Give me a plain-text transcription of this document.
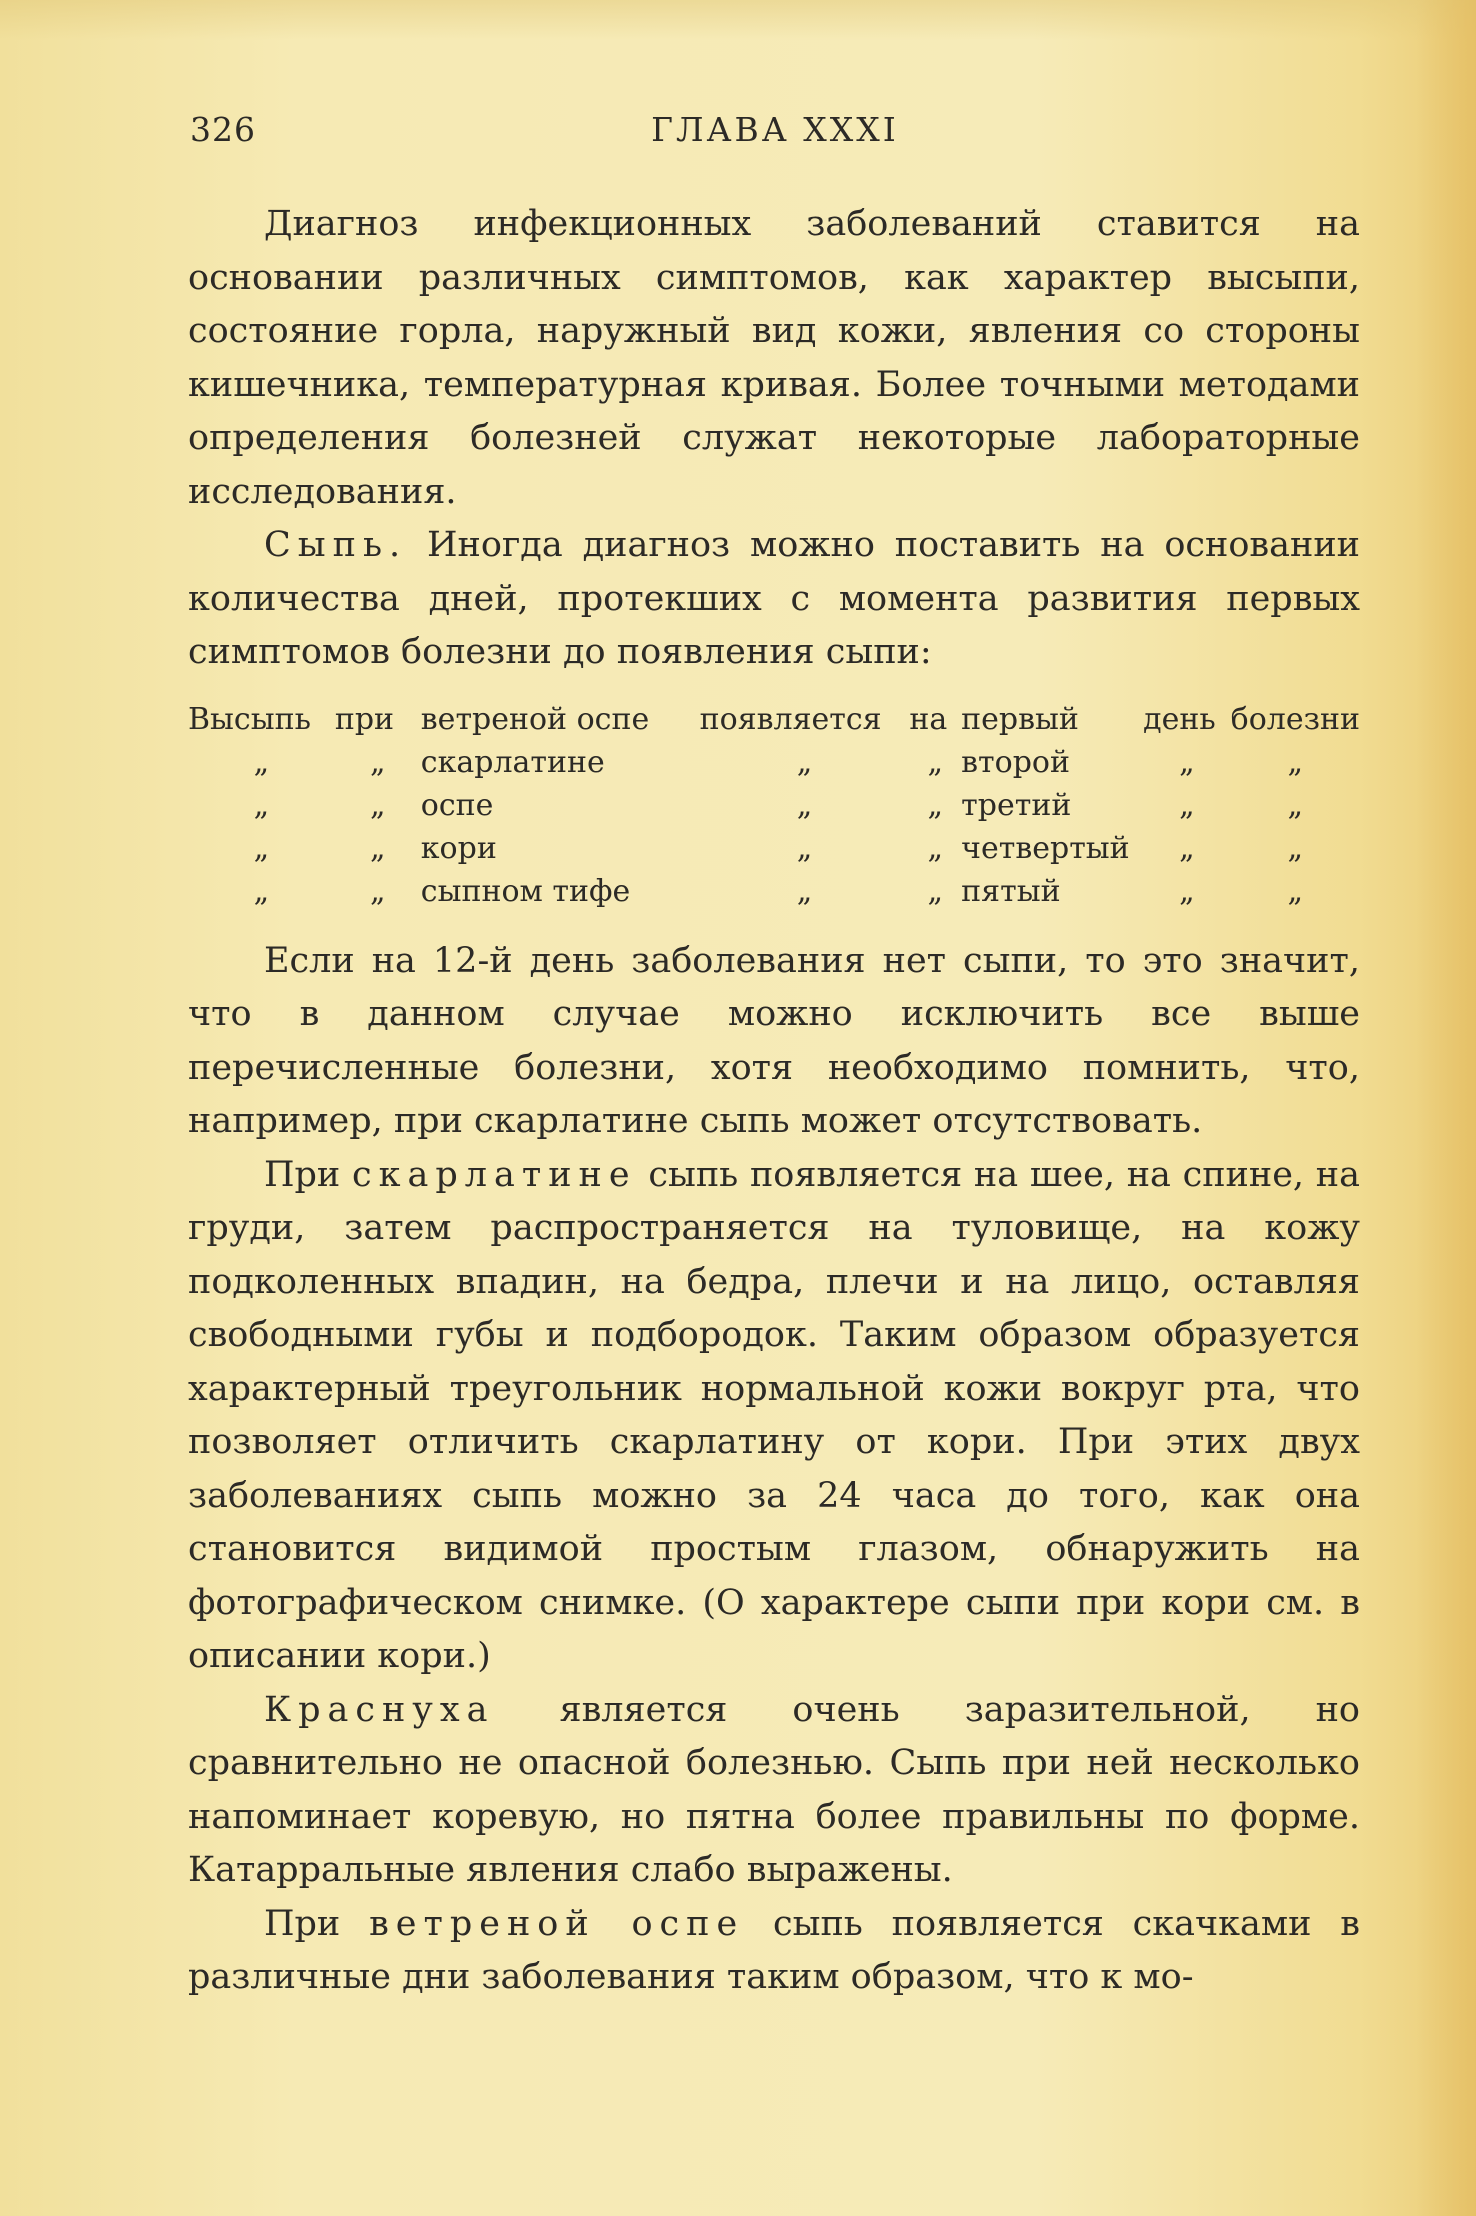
326	ГЛАВА XXXI

Диагноз инфекционных заболеваний ставится на основании различных симптомов, как характер высыпи, состояние горла, наружный вид кожи, явления со стороны кишечника, температурная кривая. Более точными методами определения болезней служат некоторые лабораторные исследования.

Сыпь. Иногда диагноз можно поставить на основании количества дней, протекших с момента развития первых симптомов болезни до появления сыпи:

Высыпь	при	ветреной оспе	появляется	на	первый	день	болезни
„	„	скарлатине	„	„	второй	„	„
„	„	оспе	„	„	третий	„	„
„	„	кори	„	„	четвертый	„	„
„	„	сыпном тифе	„	„	пятый	„	„

Если на 12-й день заболевания нет сыпи, то это значит, что в данном случае можно исключить все выше перечисленные болезни, хотя необходимо помнить, что, например, при скарлатине сыпь может отсутствовать.

При скарлатине сыпь появляется на шее, на спине, на груди, затем распространяется на туловище, на кожу подколенных впадин, на бедра, плечи и на лицо, оставляя свободными губы и подбородок. Таким образом образуется характерный треугольник нормальной кожи вокруг рта, что позволяет отличить скарлатину от кори. При этих двух заболеваниях сыпь можно за 24 часа до того, как она становится видимой простым глазом, обнаружить на фотографическом снимке. (О характере сыпи при кори см. в описании кори.)

Краснуха является очень заразительной, но сравнительно не опасной болезнью. Сыпь при ней несколько напоминает коревую, но пятна более правильны по форме. Катарральные явления слабо выражены.

При ветреной оспе сыпь появляется скачками в различные дни заболевания таким образом, что к мо-
